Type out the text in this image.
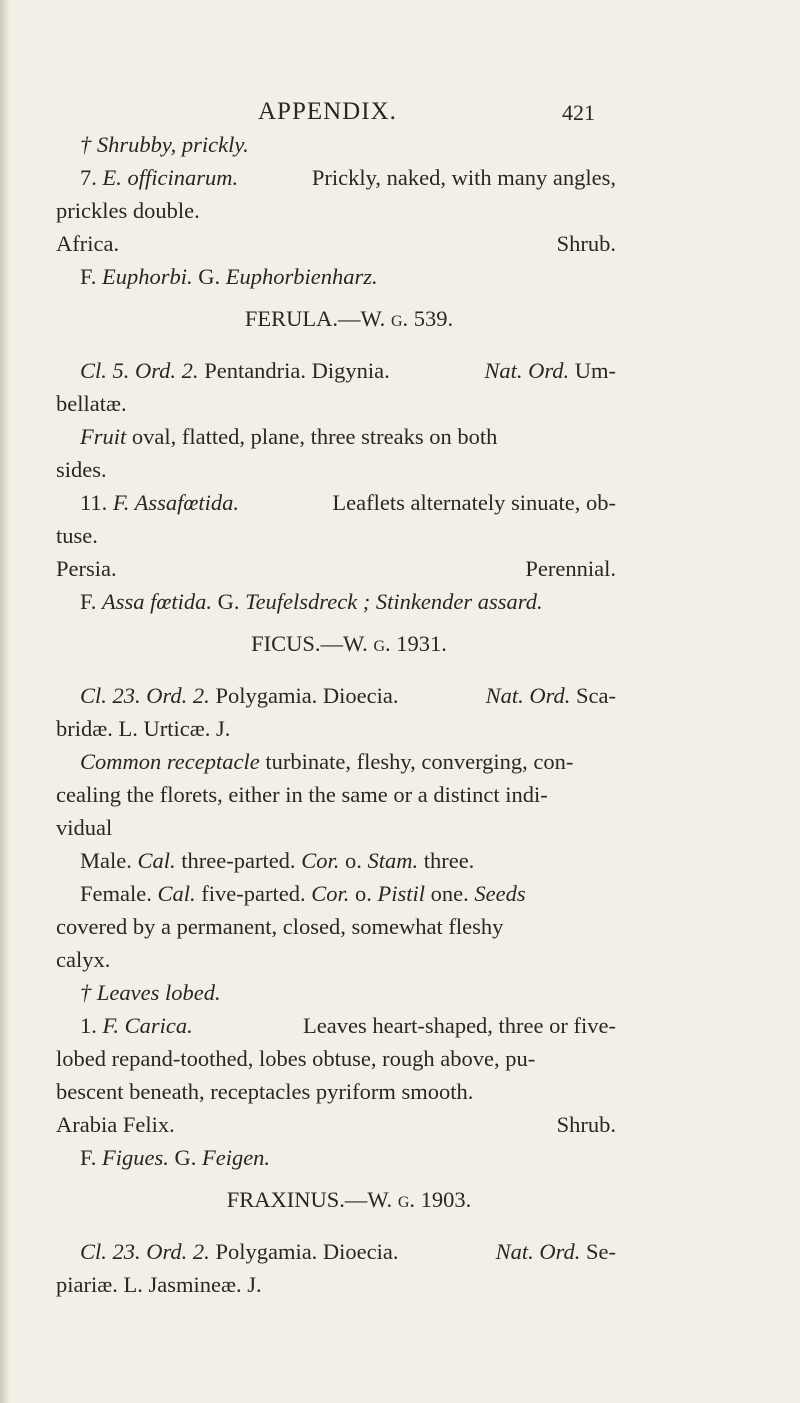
APPENDIX.	421
† Shrubby, prickly.
7. E. officinarum.	Prickly, naked, with many angles,
prickles double.
Africa.	Shrub.
F. Euphorbi. G. Euphorbienharz.
FERULA.—W. g. 539.
Cl. 5. Ord. 2. Pentandria. Digynia.	Nat. Ord. Um-
bellatæ.
Fruit oval, flatted, plane, three streaks on both
sides.
11. F. Assafœtida.	Leaflets alternately sinuate, ob-
tuse.
Persia.	Perennial.
F. Assa fœtida. G. Teufelsdreck ; Stinkender assard.
FICUS.—W. g. 1931.
Cl. 23. Ord. 2. Polygamia. Dioecia.	Nat. Ord. Sca-
bridæ. L. Urticæ. J.
Common receptacle turbinate, fleshy, converging, con-
cealing the florets, either in the same or a distinct indi-
vidual
Male. Cal. three-parted. Cor. o. Stam. three.
Female. Cal. five-parted. Cor. o. Pistil one. Seeds
covered by a permanent, closed, somewhat fleshy
calyx.
† Leaves lobed.
1. F. Carica.	Leaves heart-shaped, three or five-
lobed repand-toothed, lobes obtuse, rough above, pu-
bescent beneath, receptacles pyriform smooth.
Arabia Felix.	Shrub.
F. Figues. G. Feigen.
FRAXINUS.—W. g. 1903.
Cl. 23. Ord. 2. Polygamia. Dioecia.	Nat. Ord. Se-
piariæ. L. Jasmineæ. J.
